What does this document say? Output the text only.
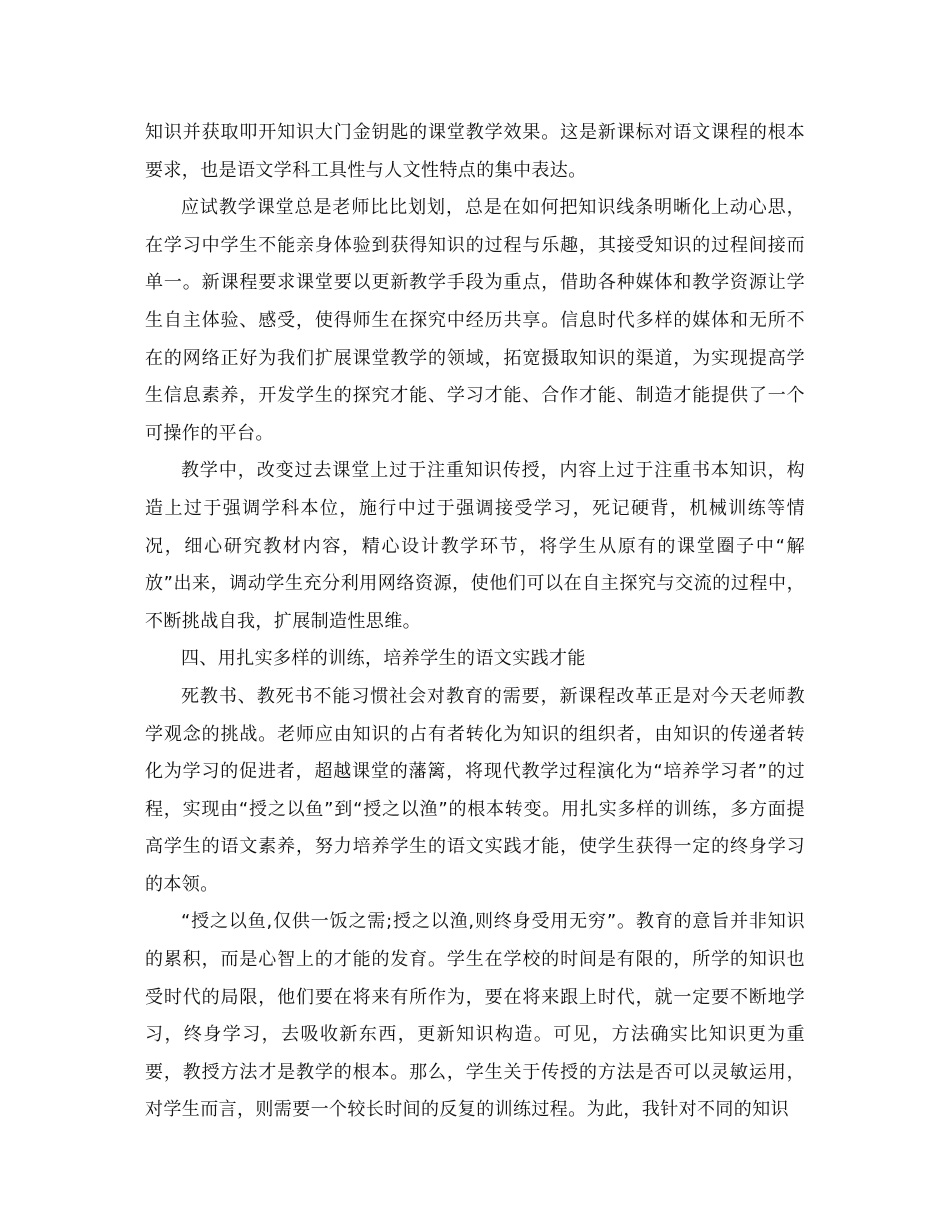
知识并获取叩开知识大门金钥匙的课堂教学效果。这是新课标对语文课程的根本要求，也是语文学科工具性与人文性特点的集中表达。

应试教学课堂总是老师比比划划，总是在如何把知识线条明晰化上动心思，在学习中学生不能亲身体验到获得知识的过程与乐趣，其接受知识的过程间接而单一。新课程要求课堂要以更新教学手段为重点，借助各种媒体和教学资源让学生自主体验、感受，使得师生在探究中经历共享。信息时代多样的媒体和无所不在的网络正好为我们扩展课堂教学的领域，拓宽摄取知识的渠道，为实现提高学生信息素养，开发学生的探究才能、学习才能、合作才能、制造才能提供了一个可操作的平台。

教学中，改变过去课堂上过于注重知识传授，内容上过于注重书本知识，构造上过于强调学科本位，施行中过于强调接受学习，死记硬背，机械训练等情况，细心研究教材内容，精心设计教学环节，将学生从原有的课堂圈子中“解放”出来，调动学生充分利用网络资源，使他们可以在自主探究与交流的过程中，不断挑战自我，扩展制造性思维。

四、用扎实多样的训练，培养学生的语文实践才能

死教书、教死书不能习惯社会对教育的需要，新课程改革正是对今天老师教学观念的挑战。老师应由知识的占有者转化为知识的组织者，由知识的传递者转化为学习的促进者，超越课堂的藩篱，将现代教学过程演化为“培养学习者”的过程，实现由“授之以鱼”到“授之以渔”的根本转变。用扎实多样的训练，多方面提高学生的语文素养，努力培养学生的语文实践才能，使学生获得一定的终身学习的本领。

“授之以鱼,仅供一饭之需;授之以渔,则终身受用无穷”。教育的意旨并非知识的累积，而是心智上的才能的发育。学生在学校的时间是有限的，所学的知识也受时代的局限，他们要在将来有所作为，要在将来跟上时代，就一定要不断地学习，终身学习，去吸收新东西，更新知识构造。可见，方法确实比知识更为重要，教授方法才是教学的根本。那么，学生关于传授的方法是否可以灵敏运用，对学生而言，则需要一个较长时间的反复的训练过程。为此，我针对不同的知识
